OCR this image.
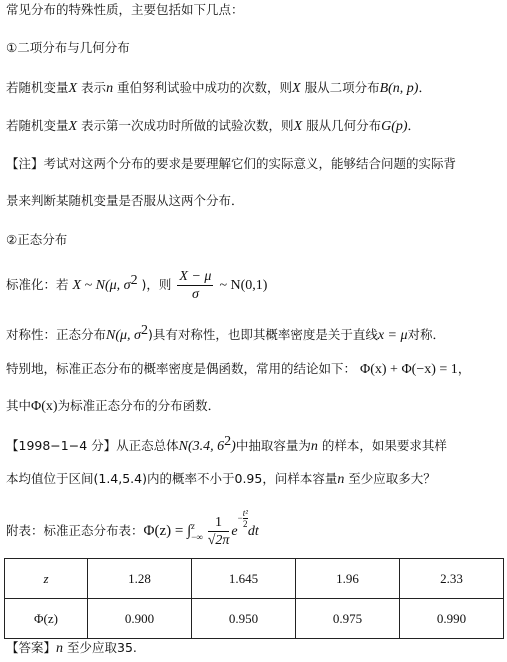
常见分布的特殊性质，主要包括如下几点：
①二项分布与几何分布
若随机变量X 表示n 重伯努利试验中成功的次数，则X 服从二项分布B(n, p)．
若随机变量X 表示第一次成功时所做的试验次数，则X 服从几何分布G(p)．
【注】考试对这两个分布的要求是要理解它们的实际意义，能够结合问题的实际背
景来判断某随机变量是否服从这两个分布．
②正态分布
标准化：若 X ~ N(μ, $\sigma^2$ )，则 $\frac{X - \mu}{\sigma}$ ~ N(0,1)
对称性：正态分布N(μ, $\sigma^2$)具有对称性，也即其概率密度是关于直线x = μ对称．
特别地，标准正态分布的概率密度是偶函数，常用的结论如下： Φ(x) + Φ(−x) = 1，
其中Φ(x)为标准正态分布的分布函数．
【1998−1−4 分】从正态总体N(3.4, $6^2$)中抽取容量为n 的样本，如果要求其样
本均值位于区间(1.4,5.4)内的概率不小于0.95，问样本容量n 至少应取多大？
附表：标准正态分布表：Φ(z) = ∫ z
−∞ $\frac{1}{√2\pi} e- \frac{\text{t²}}{2}$
dt
z	1.28	1.645	1.96	2.33
Φ(z)	0.900	0.950	0.975	0.990
【答案】n 至少应取35.
